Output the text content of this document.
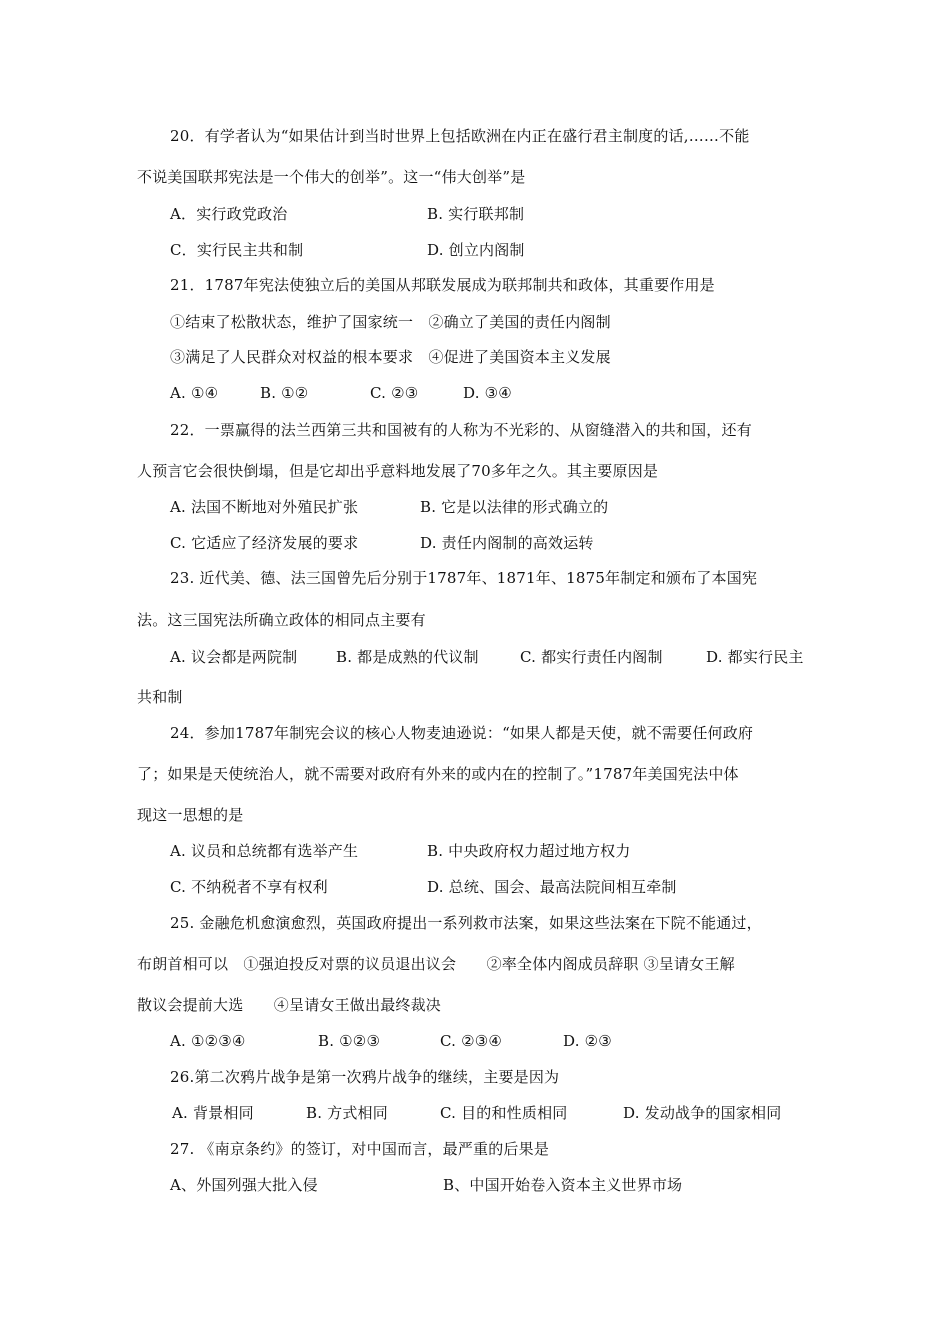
20．有学者认为“如果估计到当时世界上包括欧洲在内正在盛行君主制度的话,……不能
不说美国联邦宪法是一个伟大的创举”。这一“伟大创举”是
A．实行政党政治	B. 实行联邦制
C．实行民主共和制	D. 创立内阁制
21．1787年宪法使独立后的美国从邦联发展成为联邦制共和政体，其重要作用是
①结束了松散状态，维护了国家统一　②确立了美国的责任内阁制
③满足了人民群众对权益的根本要求　④促进了美国资本主义发展
A. ①④	B. ①②	C. ②③	D. ③④
22．一票赢得的法兰西第三共和国被有的人称为不光彩的、从窗缝潜入的共和国，还有
人预言它会很快倒塌，但是它却出乎意料地发展了70多年之久。其主要原因是
A. 法国不断地对外殖民扩张	B. 它是以法律的形式确立的
C. 它适应了经济发展的要求	D. 责任内阁制的高效运转
23. 近代美、德、法三国曾先后分别于1787年、1871年、1875年制定和颁布了本国宪
法。这三国宪法所确立政体的相同点主要有
A. 议会都是两院制	B. 都是成熟的代议制	C. 都实行责任内阁制	D. 都实行民主
共和制
24．参加1787年制宪会议的核心人物麦迪逊说：“如果人都是天使，就不需要任何政府
了；如果是天使统治人，就不需要对政府有外来的或内在的控制了。”1787年美国宪法中体
现这一思想的是
A. 议员和总统都有选举产生	B. 中央政府权力超过地方权力
C. 不纳税者不享有权利	D. 总统、国会、最高法院间相互牵制
25. 金融危机愈演愈烈，英国政府提出一系列救市法案，如果这些法案在下院不能通过，
布朗首相可以　①强迫投反对票的议员退出议会　　②率全体内阁成员辞职 ③呈请女王解
散议会提前大选　　④呈请女王做出最终裁决
A. ①②③④	B. ①②③	C. ②③④	D. ②③
26.第二次鸦片战争是第一次鸦片战争的继续，主要是因为
A. 背景相同	B. 方式相同	C. 目的和性质相同	D. 发动战争的国家相同
27. 《南京条约》的签订，对中国而言，最严重的后果是
A、外国列强大批入侵	B、中国开始卷入资本主义世界市场
